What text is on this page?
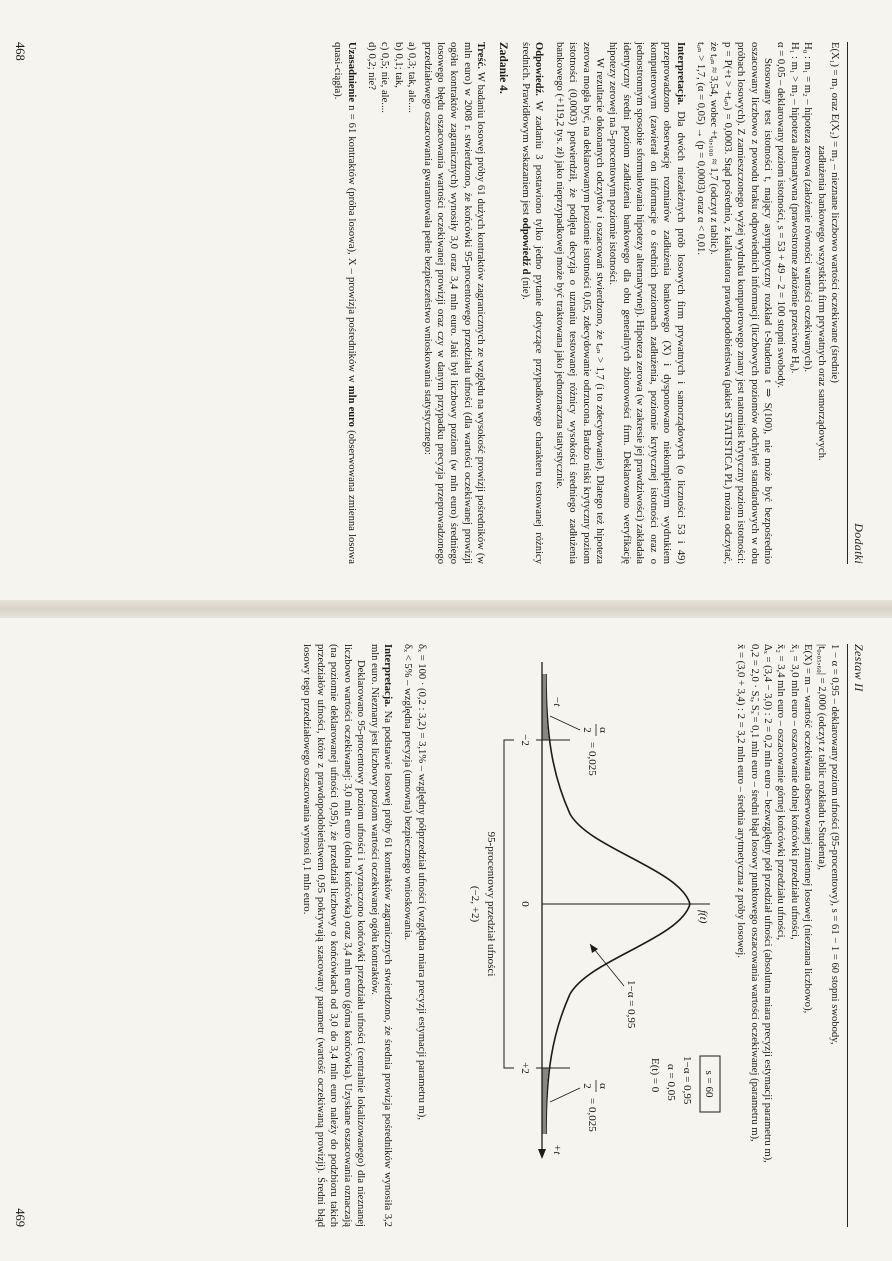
Dodatki

E(X₁) = m₁ oraz E(X₂) = m₂ – nieznane liczbowo wartości oczekiwane (średnie)

zadłużenia bankowego wszystkich firm prywatnych oraz samorządowych.

H₀ : m₁ = m₂ – hipoteza zerowa (założenie równości wartości oczekiwanych).

H₁ : m₁ > m₂ – hipoteza alternatywna (prawostronne założenie przeciwne H₀).

α = 0,05 – deklarowany poziom istotności, s = 53 + 49 – 2 = 100 stopni swobody.

Stosowany test istotności t, mający asymptotyczny rozkład t-Studenta t ⇒ S(100), nie może być bezpośrednio oszacowany liczbowo z powodu braku odpowiednich informacji (liczbowych poziomów odchyleń standardowych w obu próbach losowych). Z zamieszczonego wyżej wydruku komputerowego znany jest natomiast krytyczny poziom istotności: p = P(+t > +tₒₙ) = 0,0003. Stąd pośrednio, z kalkulatora prawdopodobieństwa (pakiet STATISTICA PL) można odczytać, że tₒₙ ≈ 3,54, wobec +t₀,₁₀₀ ≈ 1,7 (odczyt z tablic).

tₒₙ > 1,7, (α = 0,05) → (p = 0,0003) oraz α < 0,01.

Interpretacja. Dla dwóch niezależnych prób losowych firm prywatnych i samorządowych (o liczności 53 i 49) przeprowadzono obserwację rozmiarów zadłużenia bankowego (X) i dysponowano niekompletnym wydrukiem komputerowym (zawierał on informacje o średnich poziomach zadłużenia, poziomie krytycznej istotności oraz o jednostronnym sposobie sformułowania hipotezy alternatywnej). Hipoteza zerowa (w zakresie jej prawdziwości) zakładała identyczny średni poziom zadłużenia bankowego dla obu generalnych zbiorowości firm. Deklarowano weryfikację hipotezy zerowej na 5-procentowym poziomie istotności.

W rezultacie dokonanych odczytów i oszacowań stwierdzono, że tₒₙ > 1,7 (i to zdecydowanie). Dlatego też hipoteza zerowa mogła być, na deklarowanym poziomie istotności 0,05, zdecydowanie odrzucona. Bardzo niski krytyczny poziom istotności (0,0003) potwierdził, że podjęta decyzja o uznaniu testowanej różnicy wysokości średniego zadłużenia bankowego (+119,2 tys. zł) jako nieprzypadkowej może być traktowana jako jednoznaczna statystycznie.

Odpowiedź. W zadaniu 3 postawiono tylko jedno pytanie dotyczące przypadkowego charakteru testowanej różnicy średnich. Prawidłowym wskazaniem jest odpowiedź d (nie).

Zadanie 4.

Treść. W badaniu losowej próby 61 dużych kontraktów zagranicznych ze względu na wysokość prowizji pośredników (w mln euro) w 2008 r. stwierdzono, że końcówki 95-procentowego przedziału ufności (dla wartości oczekiwanej prowizji ogółu kontraktów zagranicznych) wynosiły 3,0 oraz 3,4 mln euro. Jaki był liczbowy poziom (w mln euro) średniego losowego błędu oszacowania wartości oczekiwanej prowizji oraz czy w danym przypadku precyzja przeprowadzonego przedziałowego oszacowania gwarantowała pełne bezpieczeństwo wnioskowania statystycznego:

a) 0,3; tak, ale....
b) 0,1; tak,
c) 0,5; nie, ale....
d) 0,2; nie?

Uzasadnienie n = 61 kontraktów (próba losowa), X – prowizja pośredników w mln euro (obserwowana zmienna losowa quasi-ciągła).

468
Zestaw II

1 − α = 0,95 – deklarowany poziom ufności (95-procentowy), s = 61 − 1 = 60 stopni swobody,

|t₀,₀₅,₆₀| = 2,000 (odczyt z tablic rozkładu t-Studenta),

E(X) = m – wartość oczekiwana obserwowanej zmiennej losowej (nieznana liczbowo),

x̄₁ = 3,0 mln euro – oszacowanie dolnej końcówki przedziału ufności,

x̄₂ = 3,4 mln euro – oszacowanie górnej końcówki przedziału ufności,

Δₓ = (3,4 − 3,0) : 2 = 0,2 mln euro – bezwzględny pół przedział ufności (absolutna miara precyzji estymacji parametru m),

0,2 = 2,0 · Sₓ̄, Sₓ̄ = 0,1 mln euro – średni błąd losowy punktowego oszacowania wartości oczekiwanej (parametru m),

x̄ = (3,0 + 3,4) : 2 = 3,2 mln euro – średnia arytmetyczna z próby losowej.

s = 60
1−α = 0,95
α = 0,05
E(t) = 0
f(t)
α
2
= 0,025
α
2
= 0,025
1−α = 0,95
−t
+t
−2
0
+2
95-procentowy przedział ufności
(−2, +2)

δₓ = 100 · (0,2 : 3,2) = 3,1% – względny półprzedział ufności (względna miara precyzji estymacji parametru m),

δₓ < 5% – względna precyzja (umowna) bezpiecznego wnioskowania.

Interpretacja. Na podstawie losowej próby 61 kontraktów zagranicznych stwierdzono, że średnia prowizja pośredników wynosiła 3,2 mln euro. Nieznany jest liczbowy poziom wartości oczekiwanej ogółu kontraktów.

Deklarowano 95-procentowy poziom ufności i wyznaczono końcówki przedziału ufności (centralnie lokalizowanego) dla nieznanej liczbowo wartości oczekiwanej: 3,0 mln euro (dolna końcówka) oraz 3,4 mln euro (górna końcówka). Uzyskane oszacowania oznaczają (na poziomie deklarowanej ufności 0,95), że przedział liczbowy o końcówkach od 3,0 do 3,4 mln euro należy do podzbioru takich przedziałów ufności, które z prawdopodobieństwem 0,95 pokrywają szacowany parametr (wartość oczekiwaną prowizji). Średni błąd losowy tego przedziałowego oszacowania wynosi 0,1 mln euro.

469
